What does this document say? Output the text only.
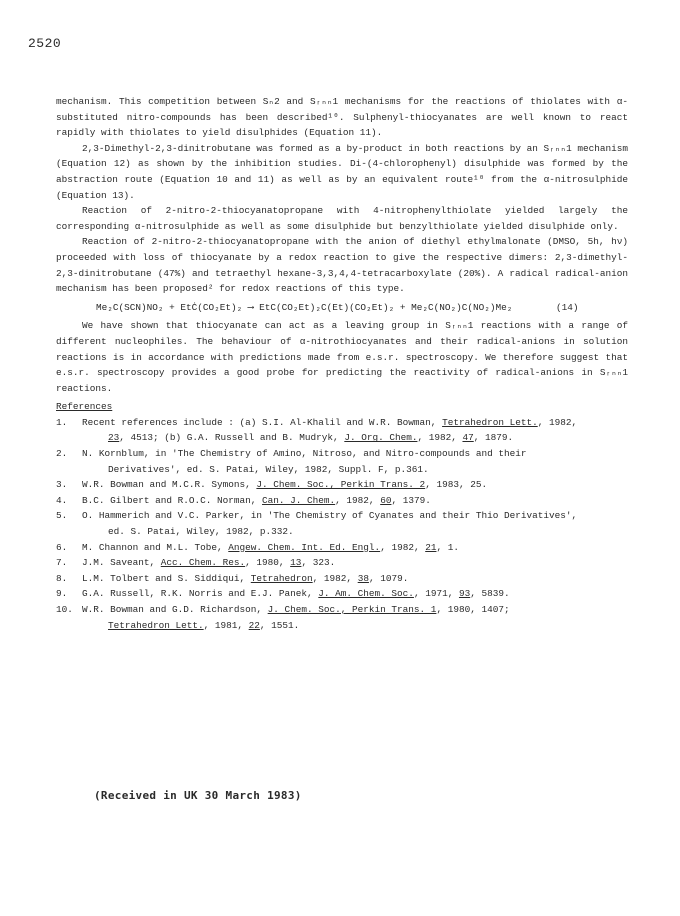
2520

mechanism. This competition between Sₙ2 and Sᵣₙₙ1 mechanisms for the reactions of thiolates with α-substituted nitro-compounds has been described¹⁰. Sulphenyl-thiocyanates are well known to react rapidly with thiolates to yield disulphides (Equation 11).

2,3-Dimethyl-2,3-dinitrobutane was formed as a by-product in both reactions by an Sᵣₙₙ1 mechanism (Equation 12) as shown by the inhibition studies. Di-(4-chlorophenyl) disulphide was formed by the abstraction route (Equation 10 and 11) as well as by an equivalent route¹⁰ from the α-nitrosulphide (Equation 13).

Reaction of 2-nitro-2-thiocyanatopropane with 4-nitrophenylthiolate yielded largely the corresponding α-nitrosulphide as well as some disulphide but benzylthiolate yielded disulphide only.

Reaction of 2-nitro-2-thiocyanatopropane with the anion of diethyl ethylmalonate (DMSO, 5h, hν) proceeded with loss of thiocyanate by a redox reaction to give the respective dimers: 2,3-dimethyl-2,3-dinitrobutane (47%) and tetraethyl hexane-3,3,4,4-tetracarboxylate (20%). A radical radical-anion mechanism has been proposed² for redox reactions of this type.

Me₂C(SCN)NO₂ + EtĊ(CO₂Et)₂ ⟶ EtC(CO₂Et)₂C(Et)(CO₂Et)₂ + Me₂C(NO₂)C(NO₂)Me₂	(14)

We have shown that thiocyanate can act as a leaving group in Sᵣₙₙ1 reactions with a range of different nucleophiles. The behaviour of α-nitrothiocyanates and their radical-anions in solution reactions is in accordance with predictions made from e.s.r. spectroscopy. We therefore suggest that e.s.r. spectroscopy provides a good probe for predicting the reactivity of radical-anions in Sᵣₙₙ1 reactions.

References
1.	Recent references include : (a) S.I. Al-Khalil and W.R. Bowman, Tetrahedron Lett., 1982,
23, 4513; (b) G.A. Russell and B. Mudryk, J. Org. Chem., 1982, 47, 1879.
2.	N. Kornblum, in 'The Chemistry of Amino, Nitroso, and Nitro-compounds and their
Derivatives', ed. S. Patai, Wiley, 1982, Suppl. F, p.361.
3.	W.R. Bowman and M.C.R. Symons, J. Chem. Soc., Perkin Trans. 2, 1983, 25.
4.	B.C. Gilbert and R.O.C. Norman, Can. J. Chem., 1982, 60, 1379.
5.	O. Hammerich and V.C. Parker, in 'The Chemistry of Cyanates and their Thio Derivatives',
ed. S. Patai, Wiley, 1982, p.332.
6.	M. Channon and M.L. Tobe, Angew. Chem. Int. Ed. Engl., 1982, 21, 1.
7.	J.M. Saveant, Acc. Chem. Res., 1980, 13, 323.
8.	L.M. Tolbert and S. Siddiqui, Tetrahedron, 1982, 38, 1079.
9.	G.A. Russell, R.K. Norris and E.J. Panek, J. Am. Chem. Soc., 1971, 93, 5839.
10. W.R. Bowman and G.D. Richardson, J. Chem. Soc., Perkin Trans. 1, 1980, 1407;
Tetrahedron Lett., 1981, 22, 1551.
(Received in UK 30 March 1983)
